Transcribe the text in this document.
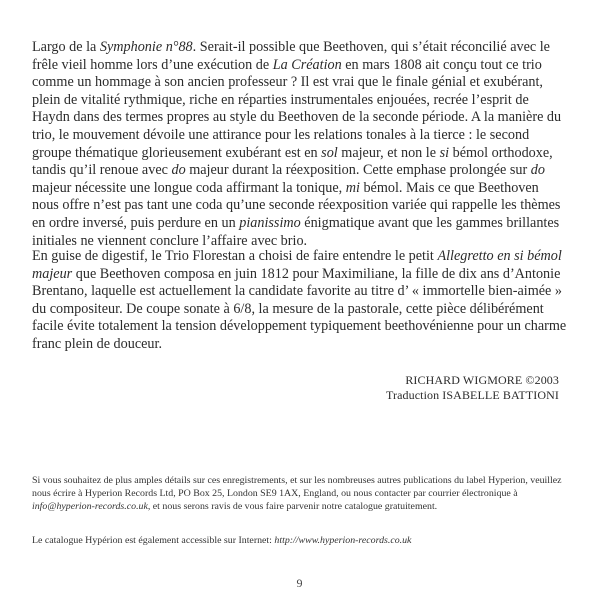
Largo de la Symphonie n°88. Serait-il possible que Beethoven, qui s’était réconcilié avec le frêle vieil homme lors d’une exécution de La Création en mars 1808 ait conçu tout ce trio comme un hommage à son ancien professeur ? Il est vrai que le finale génial et exubérant, plein de vitalité rythmique, riche en réparties instrumentales enjouées, recrée l’esprit de Haydn dans des termes propres au style du Beethoven de la seconde période. A la manière du trio, le mouvement dévoile une attirance pour les relations tonales à la tierce : le second groupe thématique glorieusement exubérant est en sol majeur, et non le si bémol orthodoxe, tandis qu’il renoue avec do majeur durant la réexposition. Cette emphase prolongée sur do majeur nécessite une longue coda affirmant la tonique, mi bémol. Mais ce que Beethoven nous offre n’est pas tant une coda qu’une seconde réexposition variée qui rappelle les thèmes en ordre inversé, puis perdure en un pianissimo énigmatique avant que les gammes brillantes initiales ne viennent conclure l’affaire avec brio.

En guise de digestif, le Trio Florestan a choisi de faire entendre le petit Allegretto en si bémol majeur que Beethoven composa en juin 1812 pour Maximiliane, la fille de dix ans d’Antonie Brentano, laquelle est actuellement la candidate favorite au titre d’ « immortelle bien-aimée » du compositeur. De coupe sonate à 6/8, la mesure de la pastorale, cette pièce délibérément facile évite totalement la tension développement typiquement beethovénienne pour un charme franc plein de douceur.

RICHARD WIGMORE ©2003
Traduction ISABELLE BATTIONI

Si vous souhaitez de plus amples détails sur ces enregistrements, et sur les nombreuses autres publications du label Hyperion, veuillez nous écrire à Hyperion Records Ltd, PO Box 25, London SE9 1AX, England, ou nous contacter par courrier électronique à info@hyperion-records.co.uk, et nous serons ravis de vous faire parvenir notre catalogue gratuitement.

Le catalogue Hypérion est également accessible sur Internet: http://www.hyperion-records.co.uk

9
